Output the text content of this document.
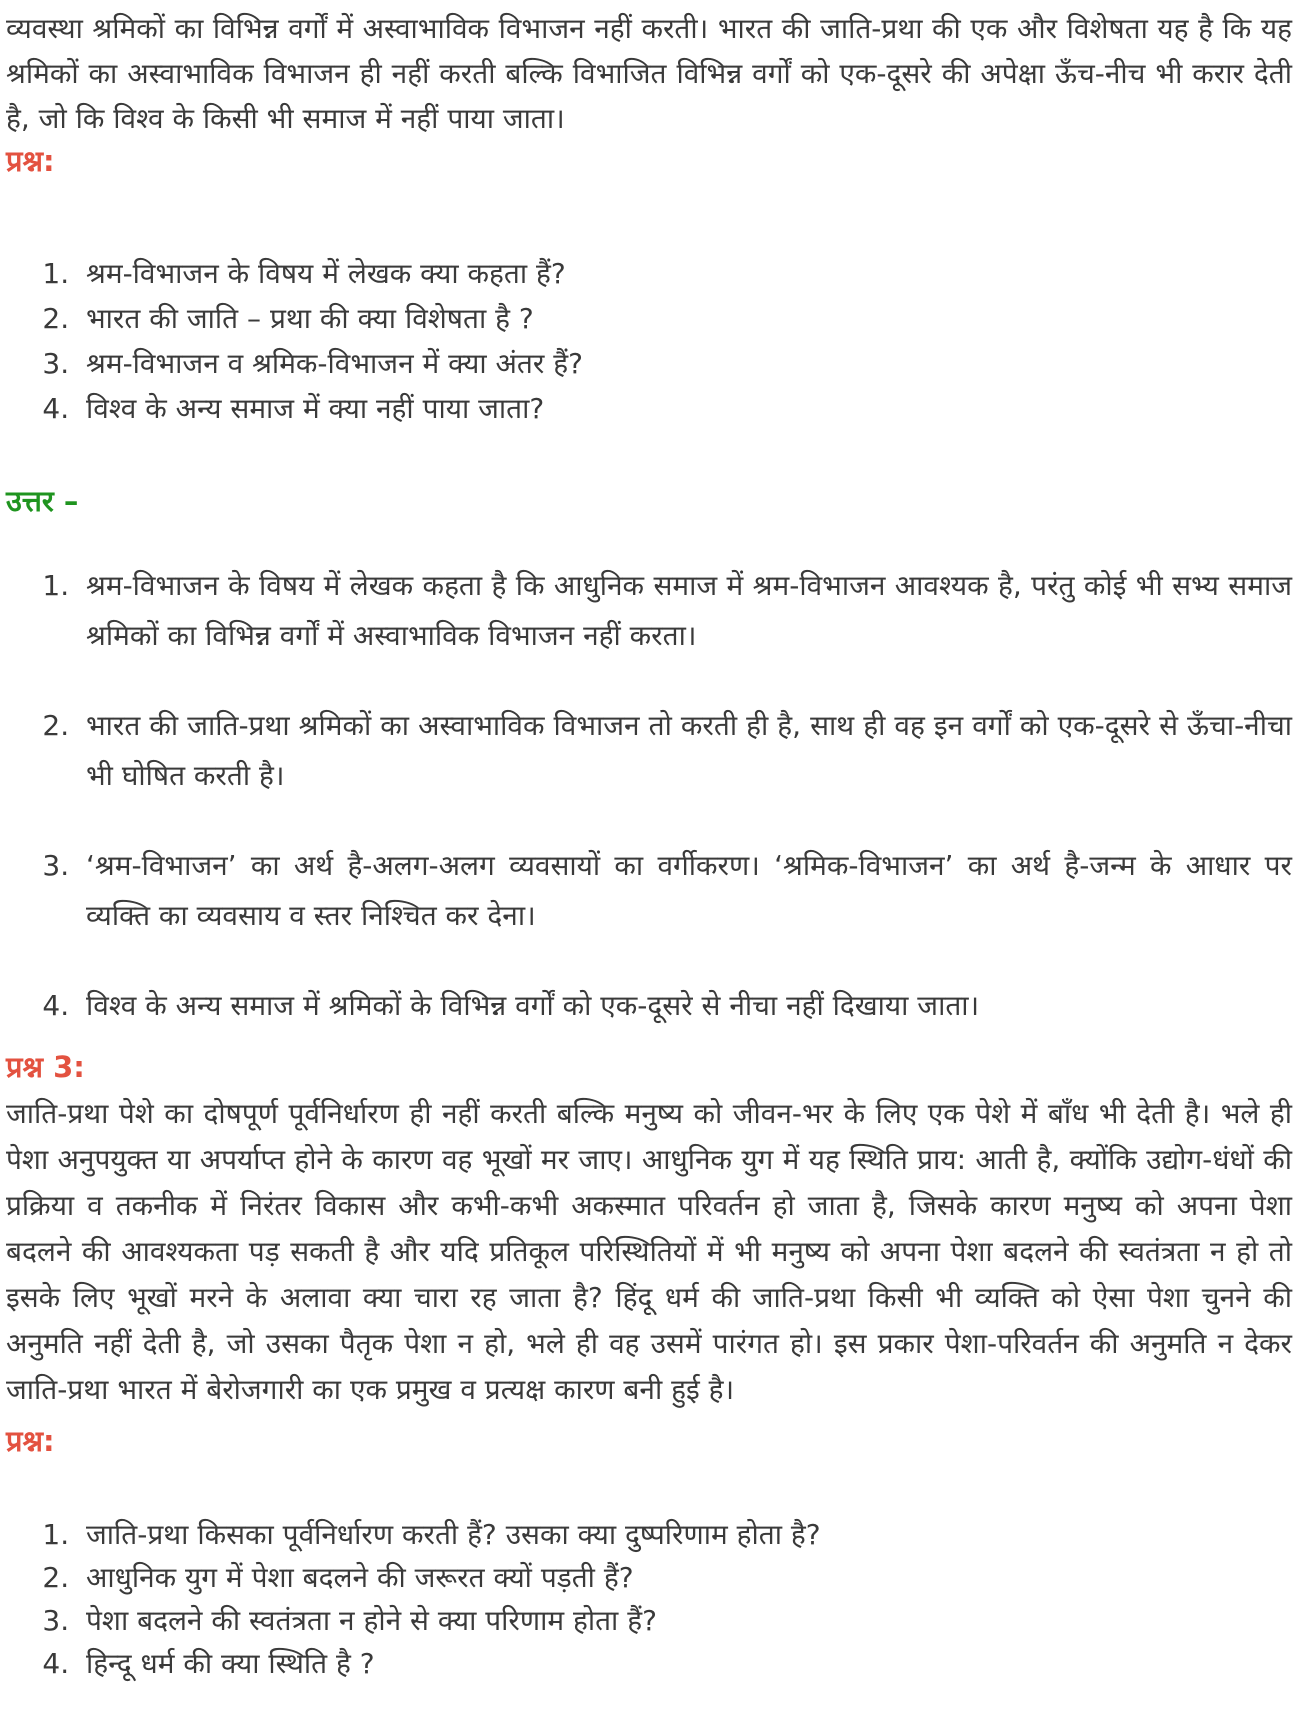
व्यवस्था श्रमिकों का विभिन्न वर्गों में अस्वाभाविक विभाजन नहीं करती। भारत की जाति-प्रथा की एक और विशेषता यह है कि यह श्रमिकों का अस्वाभाविक विभाजन ही नहीं करती बल्कि विभाजित विभिन्न वर्गों को एक-दूसरे की अपेक्षा ऊँच-नीच भी करार देती है, जो कि विश्व के किसी भी समाज में नहीं पाया जाता।

प्रश्न:

1. श्रम-विभाजन के विषय में लेखक क्या कहता हैं?
2. भारत की जाति – प्रथा की क्या विशेषता है ?
3. श्रम-विभाजन व श्रमिक-विभाजन में क्या अंतर हैं?
4. विश्व के अन्य समाज में क्या नहीं पाया जाता?

उत्तर –

1. श्रम-विभाजन के विषय में लेखक कहता है कि आधुनिक समाज में श्रम-विभाजन आवश्यक है, परंतु कोई भी सभ्य समाज श्रमिकों का विभिन्न वर्गों में अस्वाभाविक विभाजन नहीं करता।
2. भारत की जाति-प्रथा श्रमिकों का अस्वाभाविक विभाजन तो करती ही है, साथ ही वह इन वर्गों को एक-दूसरे से ऊँचा-नीचा भी घोषित करती है।
3. ‘श्रम-विभाजन’ का अर्थ है-अलग-अलग व्यवसायों का वर्गीकरण। ‘श्रमिक-विभाजन’ का अर्थ है-जन्म के आधार पर व्यक्ति का व्यवसाय व स्तर निश्चित कर देना।
4. विश्व के अन्य समाज में श्रमिकों के विभिन्न वर्गों को एक-दूसरे से नीचा नहीं दिखाया जाता।

प्रश्न 3:

जाति-प्रथा पेशे का दोषपूर्ण पूर्वनिर्धारण ही नहीं करती बल्कि मनुष्य को जीवन-भर के लिए एक पेशे में बाँध भी देती है। भले ही पेशा अनुपयुक्त या अपर्याप्त होने के कारण वह भूखों मर जाए। आधुनिक युग में यह स्थिति प्राय: आती है, क्योंकि उद्योग-धंधों की प्रक्रिया व तकनीक में निरंतर विकास और कभी-कभी अकस्मात परिवर्तन हो जाता है, जिसके कारण मनुष्य को अपना पेशा बदलने की आवश्यकता पड़ सकती है और यदि प्रतिकूल परिस्थितियों में भी मनुष्य को अपना पेशा बदलने की स्वतंत्रता न हो तो इसके लिए भूखों मरने के अलावा क्या चारा रह जाता है? हिंदू धर्म की जाति-प्रथा किसी भी व्यक्ति को ऐसा पेशा चुनने की अनुमति नहीं देती है, जो उसका पैतृक पेशा न हो, भले ही वह उसमें पारंगत हो। इस प्रकार पेशा-परिवर्तन की अनुमति न देकर जाति-प्रथा भारत में बेरोजगारी का एक प्रमुख व प्रत्यक्ष कारण बनी हुई है।

प्रश्न:

1. जाति-प्रथा किसका पूर्वनिर्धारण करती हैं? उसका क्या दुष्परिणाम होता है?
2. आधुनिक युग में पेशा बदलने की जरूरत क्यों पड़ती हैं?
3. पेशा बदलने की स्वतंत्रता न होने से क्या परिणाम होता हैं?
4. हिन्दू धर्म की क्या स्थिति है ?
